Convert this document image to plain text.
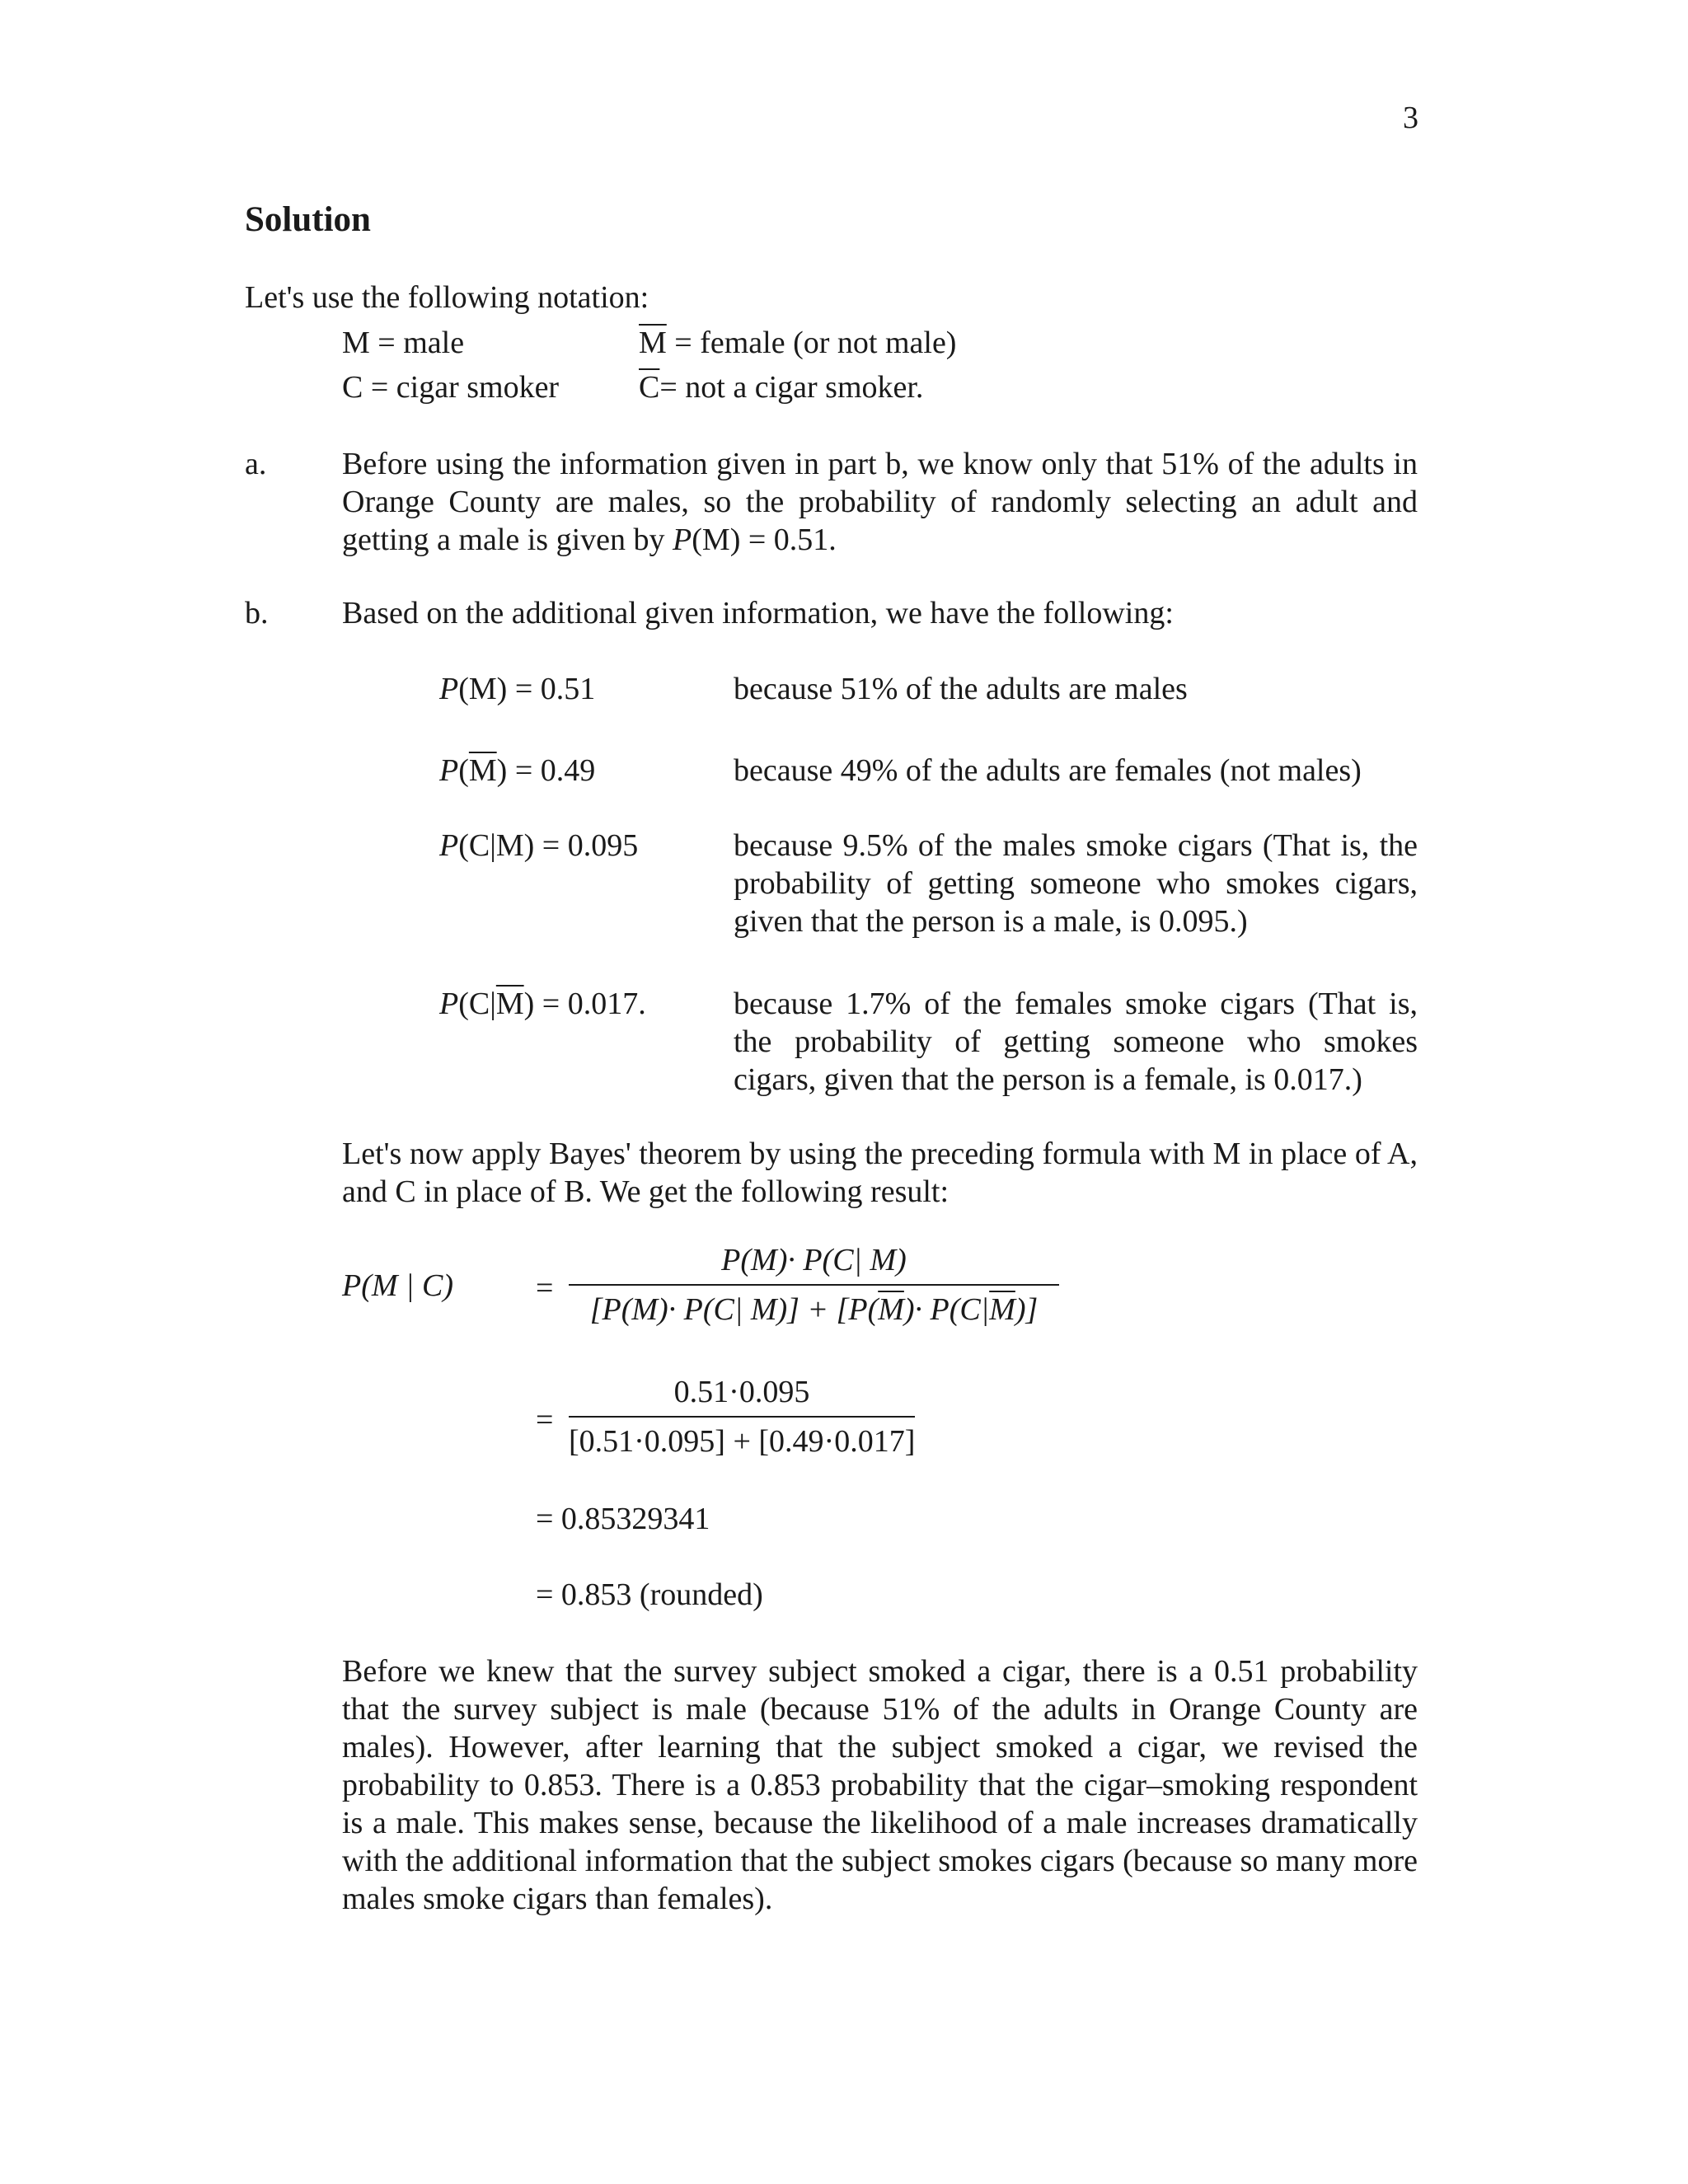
3
Solution
Let's use the following notation:
M = male	$\overline{M}$ = female (or not male)
C = cigar smoker	$\overline{C}=$ not a cigar smoker.
a. Before using the information given in part b, we know only that 51% of the adults in Orange County are males, so the probability of randomly selecting an adult and getting a male is given by P(M) = 0.51.
b. Based on the additional given information, we have the following:
P(M) = 0.51	because 51% of the adults are males
$P(\overline{M}) = 0.49$	because 49% of the adults are females (not males)
P(C|M) = 0.095	because 9.5% of the males smoke cigars (That is, the probability of getting someone who smokes cigars, given that the person is a male, is 0.095.)
$P(C|\overline{M}) = 0.017$.	because 1.7% of the females smoke cigars (That is, the probability of getting someone who smokes cigars, given that the person is a female, is 0.017.)
Let's now apply Bayes' theorem by using the preceding formula with M in place of A, and C in place of B. We get the following result:
P(M | C)	= $\frac{P(M)\cdot P(C| M)}{[P(M)\cdot P(C| M)] + [P(\overline{M})\cdot P(C|\overline{M})]}$
= $\frac{0.51\cdot 0.095}{[0.51\cdot 0.095] + [0.49\cdot 0.017]}$
= 0.85329341
= 0.853 (rounded)
Before we knew that the survey subject smoked a cigar, there is a 0.51 probability that the survey subject is male (because 51% of the adults in Orange County are males). However, after learning that the subject smoked a cigar, we revised the probability to 0.853. There is a 0.853 probability that the cigar–smoking respondent is a male. This makes sense, because the likelihood of a male increases dramatically with the additional information that the subject smokes cigars (because so many more males smoke cigars than females).
